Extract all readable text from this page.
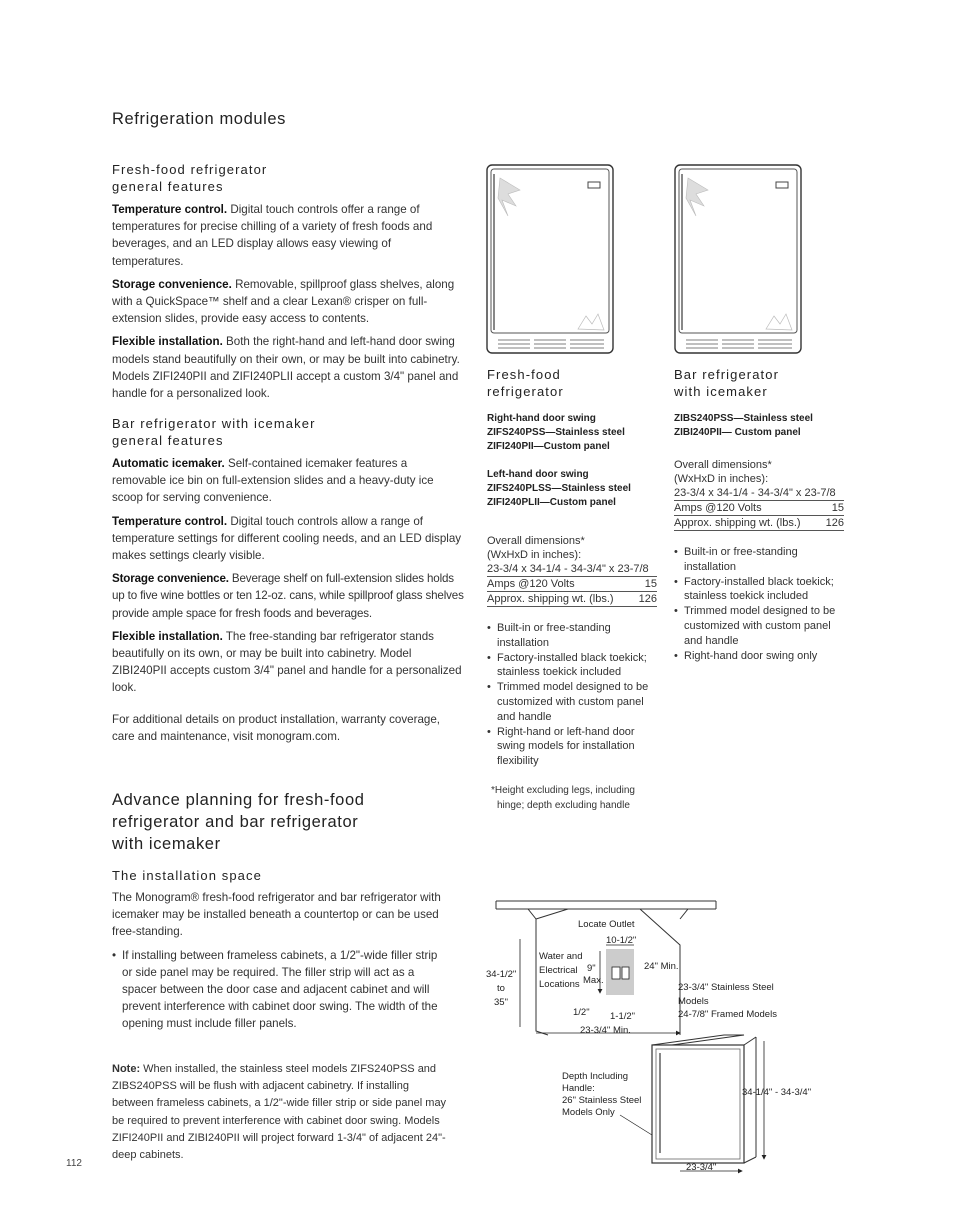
Refrigeration modules
Fresh-food refrigerator
general features

Temperature control. Digital touch controls offer a range of temperatures for precise chilling of a variety of fresh foods and beverages, and an LED display allows easy viewing of temperatures.

Storage convenience. Removable, spillproof glass shelves, along with a QuickSpace™ shelf and a clear Lexan® crisper on full-extension slides, provide easy access to contents.

Flexible installation. Both the right-hand and left-hand door swing models stand beautifully on their own, or may be built into cabinetry. Models ZIFI240PII and ZIFI240PLII accept a custom 3/4" panel and handle for a personalized look.

Bar refrigerator with icemaker
general features

Automatic icemaker. Self-contained icemaker features a removable ice bin on full-extension slides and a heavy-duty ice scoop for serving convenience.

Temperature control. Digital touch controls allow a range of temperature settings for different cooling needs, and an LED display makes settings clearly visible.

Storage convenience. Beverage shelf on full-extension slides holds up to five wine bottles or ten 12-oz. cans, while spillproof glass shelves provide ample space for fresh foods and beverages.

Flexible installation. The free-standing bar refrigerator stands beautifully on its own, or may be built into cabinetry. Model ZIBI240PII accepts custom 3/4" panel and handle for a personalized look.

For additional details on product installation, warranty coverage, care and maintenance, visit monogram.com.

Fresh-food
refrigerator
Right-hand door swing
ZIFS240PSS—Stainless steel
ZIFI240PII—Custom panel
Left-hand door swing
ZIFS240PLSS—Stainless steel
ZIFI240PLII—Custom panel
Overall dimensions*
(WxHxD in inches):
23-3/4 x 34-1/4 - 34-3/4" x 23-7/8
Amps @120 Volts	15
Approx. shipping wt. (lbs.) 126
• Built-in or free-standing installation
• Factory-installed black toekick; stainless toekick included
• Trimmed model designed to be customized with custom panel and handle
• Right-hand or left-hand door swing models for installation flexibility
*Height excluding legs, including
hinge; depth excluding handle
Bar refrigerator
with icemaker
ZIBS240PSS—Stainless steel
ZIBI240PII— Custom panel
Overall dimensions*
(WxHxD in inches):
23-3/4 x 34-1/4 - 34-3/4" x 23-7/8
Amps @120 Volts	15
Approx. shipping wt. (lbs.) 126
• Built-in or free-standing installation
• Factory-installed black toekick; stainless toekick included
• Trimmed model designed to be customized with custom panel and handle
• Right-hand door swing only
Advance planning for fresh-food
refrigerator and bar refrigerator
with icemaker
The installation space

The Monogram® fresh-food refrigerator and bar refrigerator with icemaker may be installed beneath a countertop or can be used free-standing.

• If installing between frameless cabinets, a 1/2"-wide filler strip or side panel may be required. The filler strip will act as a spacer between the door case and adjacent cabinet and will prevent interference with cabinet door swing. The width of the opening must include filler panels.
Note: When installed, the stainless steel models ZIFS240PSS and ZIBS240PSS will be flush with adjacent cabinetry. If installing between frameless cabinets, a 1/2"-wide filler strip or side panel may be required to prevent interference with cabinet door swing. Models ZIFI240PII and ZIBI240PII will project forward 1-3/4" of adjacent 24"-deep cabinets.
Locate Outlet
10-1/2"
Water and
Electrical
Locations
9"
Max.
24" Min.
34-1/2"
to
35"
1/2" 1-1/2"
23-3/4" Min.
23-3/4" Stainless Steel
Models
24-7/8" Framed Models
Depth Including
Handle:
26" Stainless Steel
Models Only
34-1/4" - 34-3/4"
23-3/4"
112
